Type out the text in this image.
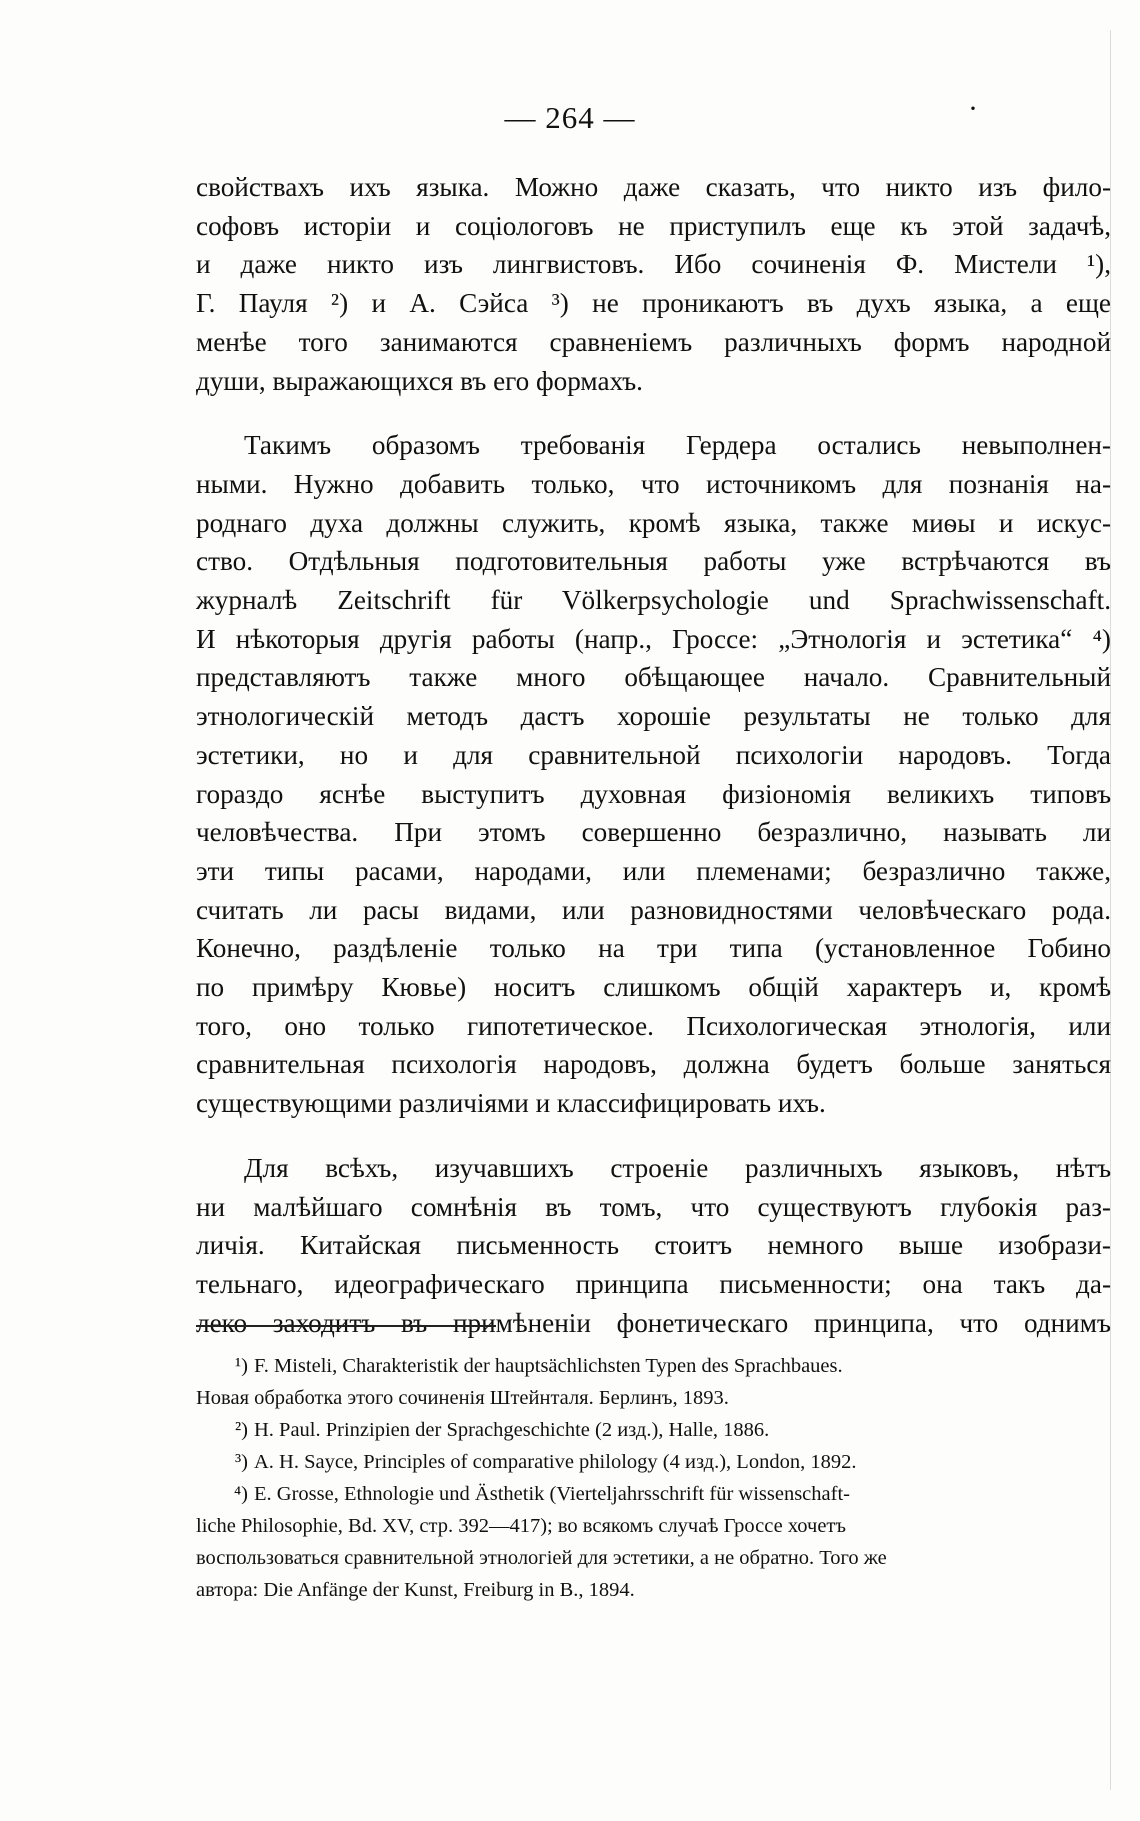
— 264 —	·

свойствахъ ихъ языка. Можно даже сказать, что никто изъ фило-

софовъ исторіи и соціологовъ не приступилъ еще къ этой задачѣ,

и даже никто изъ лингвистовъ. Ибо сочиненія Ф. Мистели ¹),

Г. Пауля ²) и А. Сэйса ³) не проникаютъ въ духъ языка, а еще

менѣе того занимаются сравненіемъ различныхъ формъ народной

души, выражающихся въ его формахъ.

Такимъ образомъ требованія Гердера остались невыполнен-

ными. Нужно добавить только, что источникомъ для познанія на-

роднаго духа должны служить, кромѣ языка, также миѳы и искус-

ство. Отдѣльныя подготовительныя работы уже встрѣчаются въ

журналѣ Zeitschrift für Völkerpsychologie und Sprachwissenschaft.

И нѣкоторыя другія работы (напр., Гроссе: „Этнологія и эстетика“ ⁴)

представляютъ также много обѣщающее начало. Сравнительный

этнологическій методъ дастъ хорошіе результаты не только для

эстетики, но и для сравнительной психологіи народовъ. Тогда

гораздо яснѣе выступитъ духовная физіономія великихъ типовъ

человѣчества. При этомъ совершенно безразлично, называть ли

эти типы расами, народами, или племенами; безразлично также,

считать ли расы видами, или разновидностями человѣческаго рода.

Конечно, раздѣленіе только на три типа (установленное Гобино

по примѣру Кювье) носитъ слишкомъ общій характеръ и, кромѣ

того, оно только гипотетическое. Психологическая этнологія, или

сравнительная психологія народовъ, должна будетъ больше заняться

существующими различіями и классифицировать ихъ.

Для всѣхъ, изучавшихъ строеніе различныхъ языковъ, нѣтъ

ни малѣйшаго сомнѣнія въ томъ, что существуютъ глубокія раз-

личія. Китайская письменность стоитъ немного выше изобрази-

тельнаго, идеографическаго принципа письменности; она такъ да-

леко заходитъ въ примѣненіи фонетическаго принципа, что однимъ

¹) F. Misteli, Charakteristik der hauptsächlichsten Typen des Sprachbaues.

Новая обработка этого сочиненія Штейнталя. Берлинъ, 1893.

²) H. Paul. Prinzipien der Sprachgeschichte (2 изд.), Halle, 1886.

³) A. H. Sayce, Principles of comparative philology (4 изд.), London, 1892.

⁴) E. Grosse, Ethnologie und Ästhetik (Vierteljahrsschrift für wissenschaft-

liche Philosophie, Bd. XV, стр. 392—417); во всякомъ случаѣ Гроссе хочетъ

воспользоваться сравнительной этнологіей для эстетики, а не обратно. Того же

автора: Die Anfänge der Kunst, Freiburg in B., 1894.
